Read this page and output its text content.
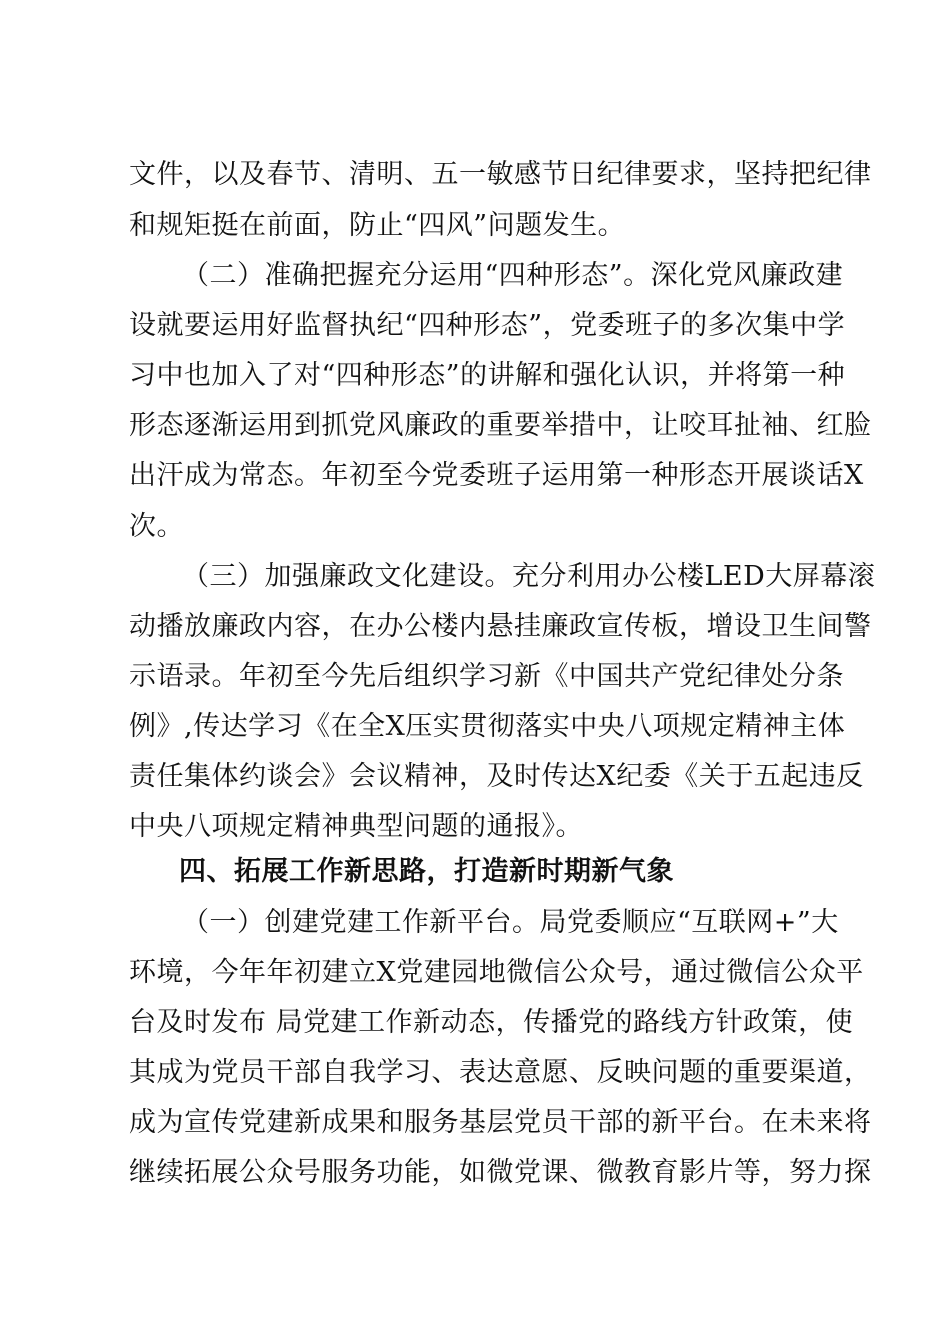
文件，以及春节、清明、五一敏感节日纪律要求，坚持把纪律
和规矩挺在前面，防止“四风”问题发生。
（二）准确把握充分运用“四种形态”。深化党风廉政建
设就要运用好监督执纪“四种形态”，党委班子的多次集中学
习中也加入了对“四种形态”的讲解和强化认识，并将第一种
形态逐渐运用到抓党风廉政的重要举措中，让咬耳扯袖、红脸
出汗成为常态。年初至今党委班子运用第一种形态开展谈话X
次。
（三）加强廉政文化建设。充分利用办公楼LED大屏幕滚
动播放廉政内容，在办公楼内悬挂廉政宣传板，增设卫生间警
示语录。年初至今先后组织学习新《中国共产党纪律处分条
例》,传达学习《在全X压实贯彻落实中央八项规定精神主体
责任集体约谈会》会议精神，及时传达X纪委《关于五起违反
中央八项规定精神典型问题的通报》。
四、拓展工作新思路，打造新时期新气象
（一）创建党建工作新平台。局党委顺应“互联网+”大
环境，今年年初建立X党建园地微信公众号，通过微信公众平
台及时发布 局党建工作新动态，传播党的路线方针政策，使
其成为党员干部自我学习、表达意愿、反映问题的重要渠道，
成为宣传党建新成果和服务基层党员干部的新平台。在未来将
继续拓展公众号服务功能，如微党课、微教育影片等，努力探
